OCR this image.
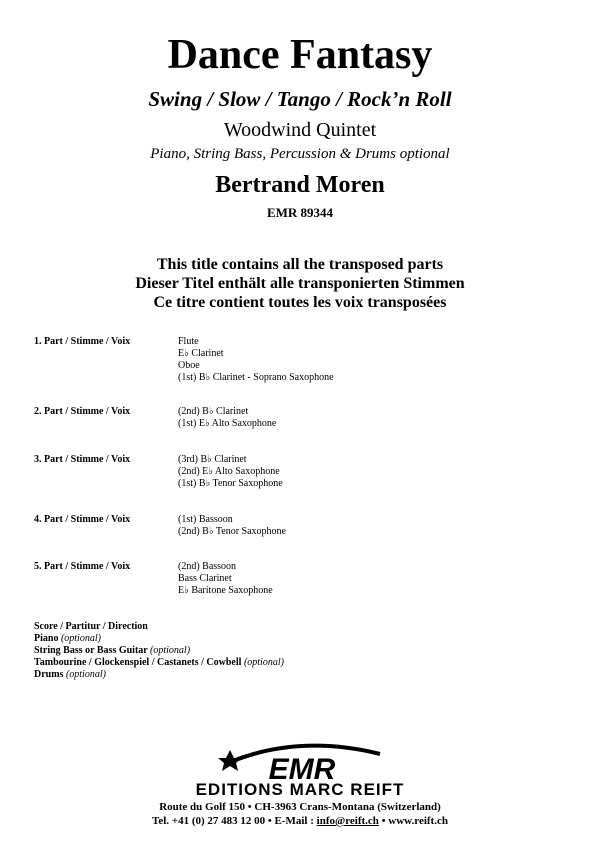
Dance Fantasy
Swing / Slow / Tango / Rock’n Roll
Woodwind Quintet
Piano, String Bass, Percussion & Drums optional
Bertrand Moren
EMR 89344
This title contains all the transposed parts
Dieser Titel enthält alle transponierten Stimmen
Ce titre contient toutes les voix transposées
1. Part / Stimme / Voix	Flute
E♭ Clarinet
Oboe
(1st) B♭ Clarinet - Soprano Saxophone
2. Part / Stimme / Voix	(2nd) B♭ Clarinet
(1st) E♭ Alto Saxophone
3. Part / Stimme / Voix	(3rd) B♭ Clarinet
(2nd) E♭ Alto Saxophone
(1st) B♭ Tenor Saxophone
4. Part / Stimme / Voix	(1st) Bassoon
(2nd) B♭ Tenor Saxophone
5. Part / Stimme / Voix	(2nd) Bassoon
Bass Clarinet
E♭ Baritone Saxophone
Score / Partitur / Direction
Piano (optional)
String Bass or Bass Guitar (optional)
Tambourine / Glockenspiel / Castanets / Cowbell (optional)
Drums (optional)
EMR
EDITIONS MARC REIFT
Route du Golf 150 • CH-3963 Crans-Montana (Switzerland)
Tel. +41 (0) 27 483 12 00 • E-Mail : info@reift.ch • www.reift.ch
